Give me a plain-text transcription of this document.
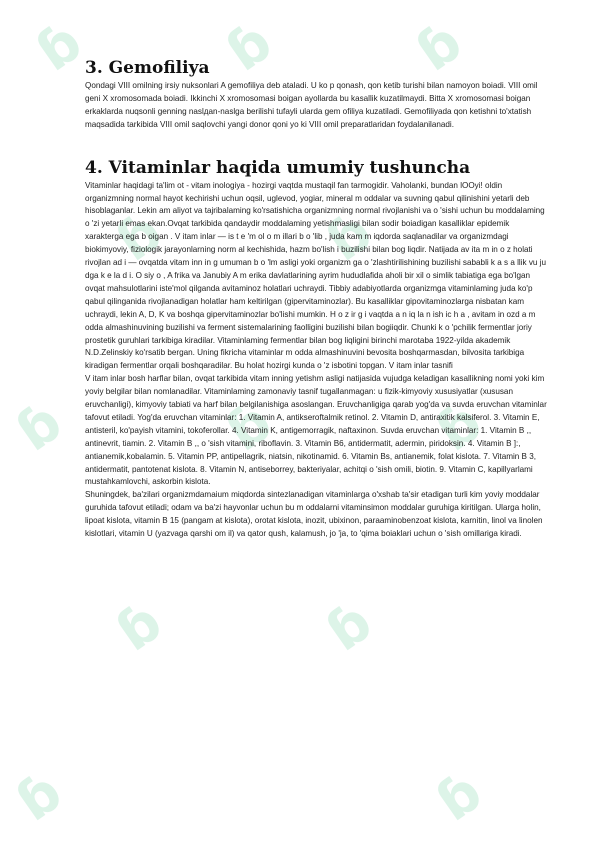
ɓ ɓ ɓ
ɓ	ɓ
ɓ	ɓ	ɓ
ɓ	ɓ
ɓ	ɓ
3. Gemofiliya

Qondagi VIII omilning irsiy nuksonlari A gemofiliya deb ataladi. U ko p qonash, qon ketib turishi bilan namoyon boiadi. VIII omil geni X xromosomada boiadi. Ikkinchi X xromosomasi boigan ayollarda bu kasallik kuzatilmaydi. Bitta X xromosomasi boigan erkaklarda nuqsonli genning naslдan-naslga berilishi tufayli ularda gem ofiliya kuzatiladi. Gemofiliyada qon ketishni to'xtatish maqsadida tarkibida VIII omil saqlovchi yangi donor qoni yo ki VIII omil preparatlaridan foydalanilanadi.

4. Vitaminlar haqida umumiy tushuncha

Vitaminlar haqidagi ta'lim ot - vitam inologiya - hozirgi vaqtda mustaqil fan tarmogidir. Vaholanki, bundan lOOyi! oldin organizmning normal hayot kechirishi uchun oqsil, uglevod, yogiar, mineral m oddalar va suvning qabul qilinishini yetarli deb hisoblaganlar. Lekin am aliyot va tajribalaming ko'rsatishicha organizmning normal rivojlanishi va o 'sishi uchun bu moddalaming o 'zi yetarli emas ekan.Ovqat tarkibida qandaydir moddalaming yetishmasligi bilan sodir boiadigan kasalliklar epidemik xarakterga ega b oigan . V itam inlar — is t e 'm ol o m illari b o 'lib , juda kam m iqdorda saqlanadilar va organizmdagi biokimyoviy, fiziologik jarayonlarning norm al kechishida, hazm bo'lish i buzilishi bilan bog liqdir. Natijada av ita m in o z holati rivojlan ad i — ovqatda vitam inn in g umuman b o 'lm asligi yoki organizm ga o 'zlashtirilishining buzilishi sababli k a s a llik vu ju dga k e la d i. O siy o , A frika va Janubiy A m erika davlatlarining ayrim hududlafida aholi bir xil o simlik tabiatiga ega bo'lgan ovqat mahsulotlarini iste'mol qilganda avitaminoz holatlari uchraydi. Tibbiy adabiyotlarda organizmga vitaminlaming juda ko'p qabul qilinganida rivojlanadigan holatlar ham keltirilgan (gipervitaminozlar). Bu kasalliklar gipovitaminozlarga nisbatan kam uchraydi, lekin A, D, K va boshqa gipervitaminozlar bo'lishi mumkin. H o z ir g i vaqtda a n iq la n ish ic h a , avitam in ozd a m odda almashinuvining buzilishi va ferment sistemalarining faolligini buzilishi bilan bogiiqdir. Chunki k o 'pchilik fermentlar joriy prostetik guruhlari tarkibiga kiradilar. Vitaminlaming fermentlar bilan bog liqligini birinchi marotaba 1922-yilda akademik N.D.Zelinskiy ko'rsatib bergan. Uning fikricha vitaminlar m odda almashinuvini bevosita boshqarmasdan, bilvosita tarkibiga kiradigan fermentlar orqali boshqaradilar. Bu holat hozirgi kunda o 'z isbotini topgan. V itam inlar tasnifi
V itam inlar bosh harflar bilan, ovqat tarkibida vitam inning yetishm asligi natijasida vujudga keladigan kasallikning nomi yoki kim yoviy belgilar bilan nomlanadilar. Vitaminlaming zamonaviy tasnif tugallanmagan: u fizik-kimyoviy xususiyatlar (xususan eruvchanligi), kimyoviy tabiati va harf bilan belgilanishiga asoslangan. Eruvchanligiga qarab yog'da va suvda eruvchan vitaminlar tafovut etiladi. Yog'da eruvchan vitaminlar: 1. Vitamin A, antikseroftalmik retinol. 2. Vitamin D, antiraxitik kalsiferol. 3. Vitamin E, antisteril, ko'payish vitamini, tokoferollar. 4. Vitamin K, antigemorragik, naftaxinon. Suvda eruvchan vitaminlar: 1. Vitamin B ,, antinevrit, tiamin. 2. Vitamin B ,, o 'sish vitamini, riboflavin. 3. Vitamin B6, antidermatit, adermin, piridoksin. 4. Vitamin B ]:, antianemik,kobalamin. 5. Vitamin PP, antipellagrik, niatsin, nikotinamid. 6. Vitamin Bs, antianemik, folat kislota. 7. Vitamin B 3, antidermatit, pantotenat kislota. 8. Vitamin N, antiseborrey, bakteriyalar, achitqi o 'sish omili, biotin. 9. Vitamin C, kapillyarlami mustahkamlovchi, askorbin kislota.
Shuningdek, ba'zilari organizmdamaium miqdorda sintezlanadigan vitaminlarga o'xshab ta'sir etadigan turli kim yoviy moddalar guruhida tafovut etiladi; odam va ba'zi hayvonlar uchun bu m oddalarni vitaminsimon moddalar guruhiga kiritilgan. Ularga holin, lipoat kislota, vitamin B 15 (pangam at kislota), orotat kislota, inozit, ubixinon, paraaminobenzoat kislota, karnitin, linol va linolen kislotlari, vitamin U (yazvaga qarshi om il) va qator qush, kalamush, jo 'ja, to 'qima boiaklari uchun o 'sish omillariga kiradi.
